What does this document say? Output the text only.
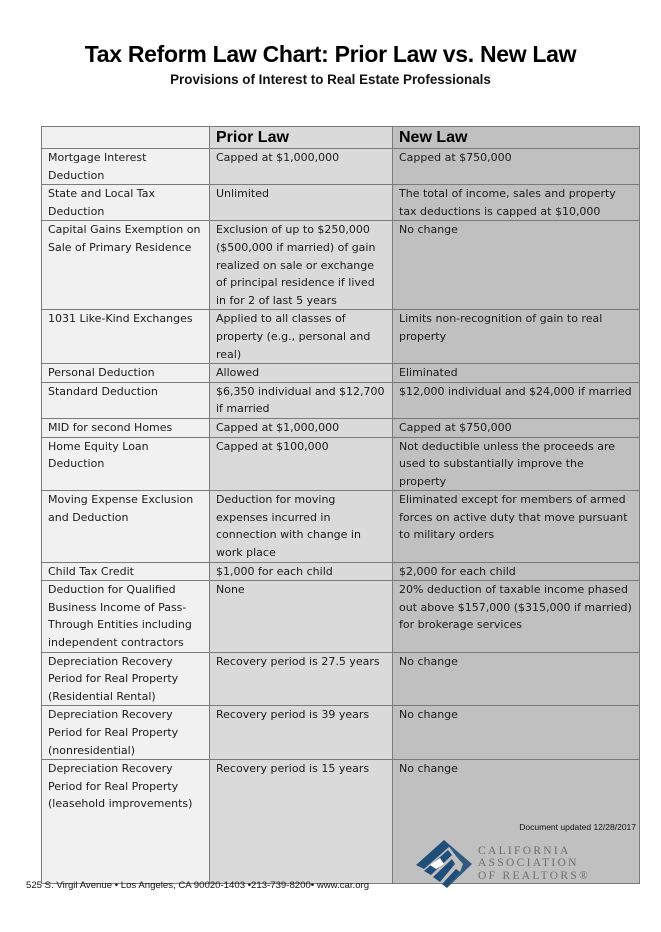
Tax Reform Law Chart: Prior Law vs. New Law
Provisions of Interest to Real Estate Professionals
	Prior Law	New Law
Mortgage Interest Deduction	Capped at $1,000,000	Capped at $750,000
State and Local Tax Deduction	Unlimited	The total of income, sales and property tax deductions is capped at $10,000
Capital Gains Exemption on Sale of Primary Residence	Exclusion of up to $250,000 ($500,000 if married) of gain realized on sale or exchange of principal residence if lived in for 2 of last 5 years	No change
1031 Like-Kind Exchanges	Applied to all classes of property (e.g., personal and real)	Limits non-recognition of gain to real property
Personal Deduction	Allowed	Eliminated
Standard Deduction	$6,350 individual and $12,700 if married	$12,000 individual and $24,000 if married
MID for second Homes	Capped at $1,000,000	Capped at $750,000
Home Equity Loan Deduction	Capped at $100,000	Not deductible unless the proceeds are used to substantially improve the property
Moving Expense Exclusion and Deduction	Deduction for moving expenses incurred in connection with change in work place	Eliminated except for members of armed forces on active duty that move pursuant to military orders
Child Tax Credit	$1,000 for each child	$2,000 for each child
Deduction for Qualified Business Income of Pass-Through Entities including independent contractors	None	20% deduction of taxable income phased out above $157,000 ($315,000 if married) for brokerage services
Depreciation Recovery Period for Real Property (Residential Rental)	Recovery period is 27.5 years	No change
Depreciation Recovery Period for Real Property (nonresidential)	Recovery period is 39 years	No change
Depreciation Recovery Period for Real Property (leasehold improvements)	Recovery period is 15 years	No change
Document updated 12/28/2017
CALIFORNIA
ASSOCIATION
OF REALTORS®
525 S. Virgil Avenue • Los Angeles, CA 90020-1403 •213-739-8200• www.car.org
